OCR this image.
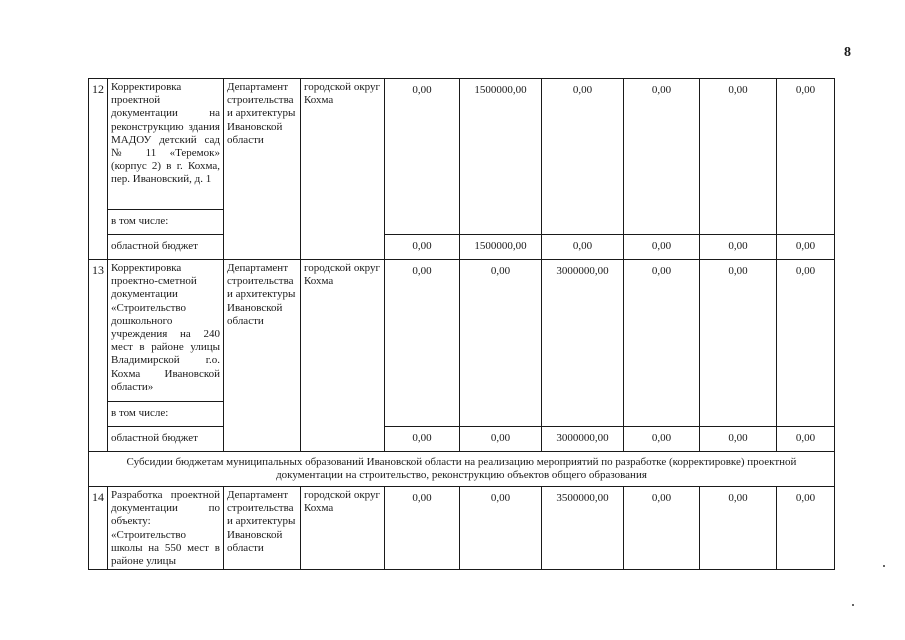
8
12	Корректировка проектной документации на реконструкцию здания МАДОУ детский сад № 11 «Теремок» (корпус 2) в г. Кохма, пер. Ивановский, д. 1	Департамент строительства и архитектуры Ивановской области	городской округ Кохма	0,00	1500000,00	0,00	0,00	0,00	0,00
	в том числе:								
	областной бюджет			0,00	1500000,00	0,00	0,00	0,00	0,00
13	Корректировка проектно-сметной документации «Строительство дошкольного учреждения на 240 мест в районе улицы Владимирской г.о. Кохма Ивановской области»	Департамент строительства и архитектуры Ивановской области	городской округ Кохма	0,00	0,00	3000000,00	0,00	0,00	0,00
	в том числе:								
	областной бюджет			0,00	0,00	3000000,00	0,00	0,00	0,00
Субсидии бюджетам муниципальных образований Ивановской области на реализацию мероприятий по разработке (корректировке) проектной документации на строительство, реконструкцию объектов общего образования									
14	Разработка проектной документации по объекту: «Строительство школы на 550 мест в районе улицы	Департамент строительства и архитектуры Ивановской области	городской округ Кохма	0,00	0,00	3500000,00	0,00	0,00	0,00
